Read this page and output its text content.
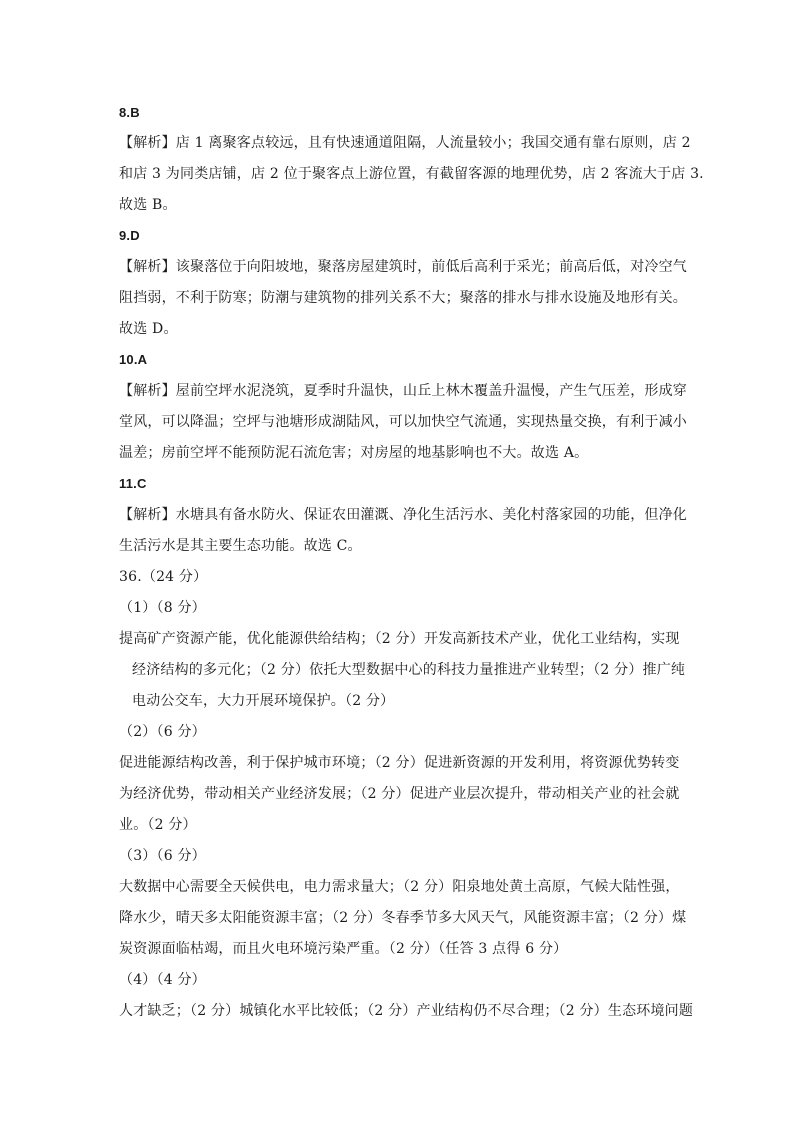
8.B
【解析】店 1 离聚客点较远，且有快速通道阻隔，人流量较小；我国交通有靠右原则，店 2
和店 3 为同类店铺，店 2 位于聚客点上游位置，有截留客源的地理优势，店 2 客流大于店 3.
故选 B。
9.D
【解析】该聚落位于向阳坡地，聚落房屋建筑时，前低后高利于采光；前高后低，对冷空气
阻挡弱，不利于防寒；防潮与建筑物的排列关系不大；聚落的排水与排水设施及地形有关。
故选 D。
10.A
【解析】屋前空坪水泥浇筑，夏季时升温快，山丘上林木覆盖升温慢，产生气压差，形成穿
堂风，可以降温；空坪与池塘形成湖陆风，可以加快空气流通，实现热量交换，有利于减小
温差；房前空坪不能预防泥石流危害；对房屋的地基影响也不大。故选 A。
11.C
【解析】水塘具有备水防火、保证农田灌溉、净化生活污水、美化村落家园的功能，但净化
生活污水是其主要生态功能。故选 C。
36.（24 分）
（1）（8 分）
提高矿产资源产能，优化能源供给结构；（2 分）开发高新技术产业，优化工业结构，实现
经济结构的多元化；（2 分）依托大型数据中心的科技力量推进产业转型；（2 分）推广纯
电动公交车，大力开展环境保护。（2 分）
（2）（6 分）
促进能源结构改善，利于保护城市环境；（2 分）促进新资源的开发利用，将资源优势转变
为经济优势，带动相关产业经济发展；（2 分）促进产业层次提升，带动相关产业的社会就
业。（2 分）
（3）（6 分）
大数据中心需要全天候供电，电力需求量大；（2 分）阳泉地处黄土高原，气候大陆性强，
降水少，晴天多太阳能资源丰富；（2 分）冬春季节多大风天气，风能资源丰富；（2 分）煤
炭资源面临枯竭，而且火电环境污染严重。（2 分）（任答 3 点得 6 分）
（4）（4 分）
人才缺乏；（2 分）城镇化水平比较低；（2 分）产业结构仍不尽合理；（2 分）生态环境问题
